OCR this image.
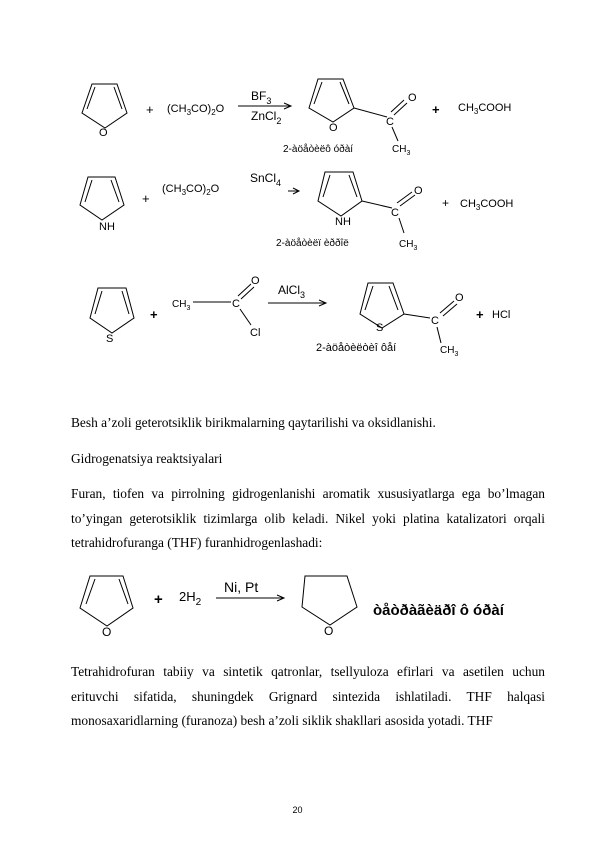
O
+ $(CH_3CO)_2O$
$BF_3$
ZnCl$_2$
O	C
O
$CH_3$
+ $CH_3COOH$
2-àöåòèëô óðàí
NH
+
$(CH_3CO)_2O$
SnCl$_4$
NH
C
O
$CH_3$
+ $CH_3COOH$
2-àöåòèëï èððîë
S
+
$CH_3$	C
O
Cl
AlCl$_3$
S
C
O
$CH_3$
+ HCl
2-àöåòèëòèî ôåí

Besh a’zoli geterotsiklik birikmalarning qaytarilishi va oksidlanishi.

Gidrogenatsiya reaktsiyalari

Furan, tiofen va pirrolning gidrogenlanishi aromatik xususiyatlarga ega bo’lmagan to’yingan geterotsiklik tizimlarga olib keladi. Nikel yoki platina katalizatori orqali tetrahidrofuranga (THF) furanhidrogenlashadi:

O
+ $2H_2$
Ni, Pt
O
òåòðàãèäðî ô óðàí

Tetrahidrofuran tabiiy va sintetik qatronlar, tsellyuloza efirlari va asetilen uchun erituvchi sifatida, shuningdek Grignard sintezida ishlatiladi. THF halqasi monosaxaridlarning (furanoza) besh a’zoli siklik shakllari asosida yotadi. THF

20
